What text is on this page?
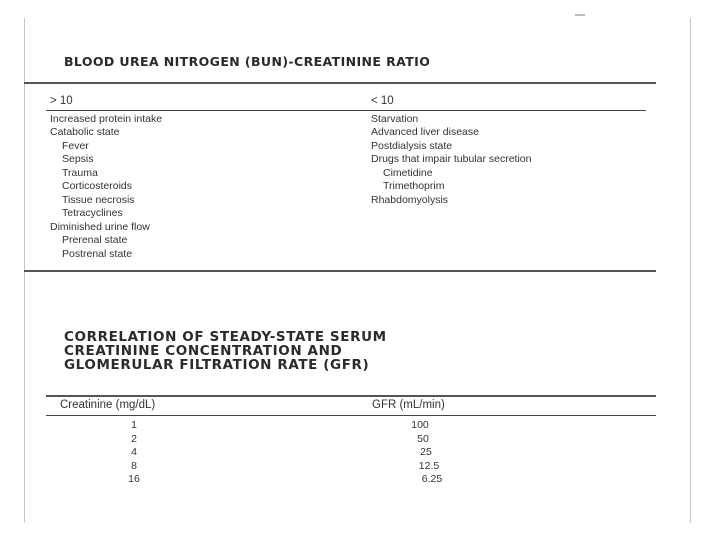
BLOOD UREA NITROGEN (BUN)-CREATININE RATIO
> 10
Increased protein intake
Catabolic state
Fever
Sepsis
Trauma
Corticosteroids
Tissue necrosis
Tetracyclines
Diminished urine flow
Prerenal state
Postrenal state
< 10
Starvation
Advanced liver disease
Postdialysis state
Drugs that impair tubular secretion
Cimetidine
Trimethoprim
Rhabdomyolysis
CORRELATION OF STEADY-STATE SERUM
CREATININE CONCENTRATION AND
GLOMERULAR FILTRATION RATE (GFR)
Creatinine (mg/dL)	GFR (mL/min)
1	100
2	50
4	25
8	12.5
16	6.25
